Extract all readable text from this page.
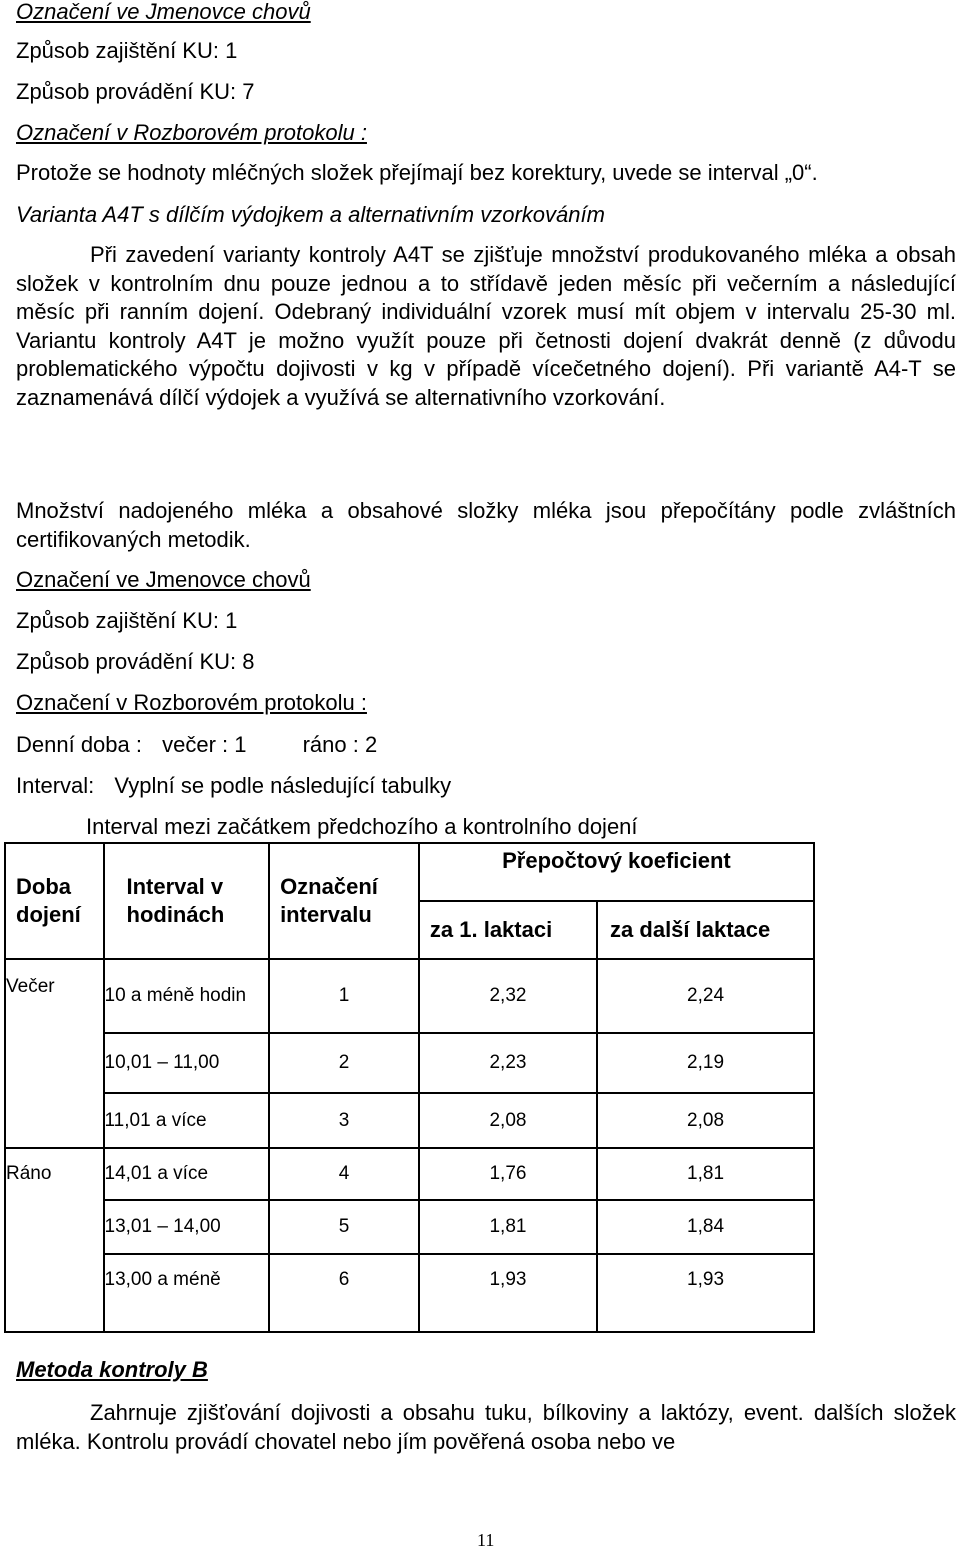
Označení ve Jmenovce chovů
Způsob zajištění KU: 1
Způsob provádění KU: 7
Označení v Rozborovém protokolu :
Protože se hodnoty mléčných složek přejímají bez korektury, uvede se interval „0“.
Varianta A4T s dílčím výdojkem a alternativním vzorkováním
Při zavedení varianty kontroly A4T se zjišťuje množství produkovaného mléka a obsah složek v kontrolním dnu pouze jednou a to střídavě jeden měsíc při večerním a následující měsíc při ranním dojení. Odebraný individuální vzorek musí mít objem v intervalu 25-30 ml. Variantu kontroly A4T je možno využít pouze při četnosti dojení dvakrát denně (z důvodu problematického výpočtu dojivosti v kg v případě vícečetného dojení). Při variantě A4-T se zaznamenává dílčí výdojek a využívá se alternativního vzorkování.
Množství nadojeného mléka a obsahové složky mléka jsou přepočítány podle zvláštních certifikovaných metodik.
Označení ve Jmenovce chovů
Způsob zajištění KU: 1
Způsob provádění KU: 8
Označení v Rozborovém protokolu :
Denní doba : večer : 1	ráno : 2
Interval: Vyplní se podle následující tabulky
Interval mezi začátkem předchozího a kontrolního dojení
Doba dojení	Interval v hodinách	Označení intervalu	Přepočtový koeficient	
			za 1. laktaci	za další laktace
Večer	10 a méně hodin	1	2,32	2,24
	10,01 – 11,00	2	2,23	2,19
	11,01 a více	3	2,08	2,08
Ráno	14,01 a více	4	1,76	1,81
	13,01 – 14,00	5	1,81	1,84
	13,00 a méně	6	1,93	1,93
Metoda kontroly B
Zahrnuje zjišťování dojivosti a obsahu tuku, bílkoviny a laktózy, event. dalších složek mléka. Kontrolu provádí chovatel nebo jím pověřená osoba nebo ve
11
